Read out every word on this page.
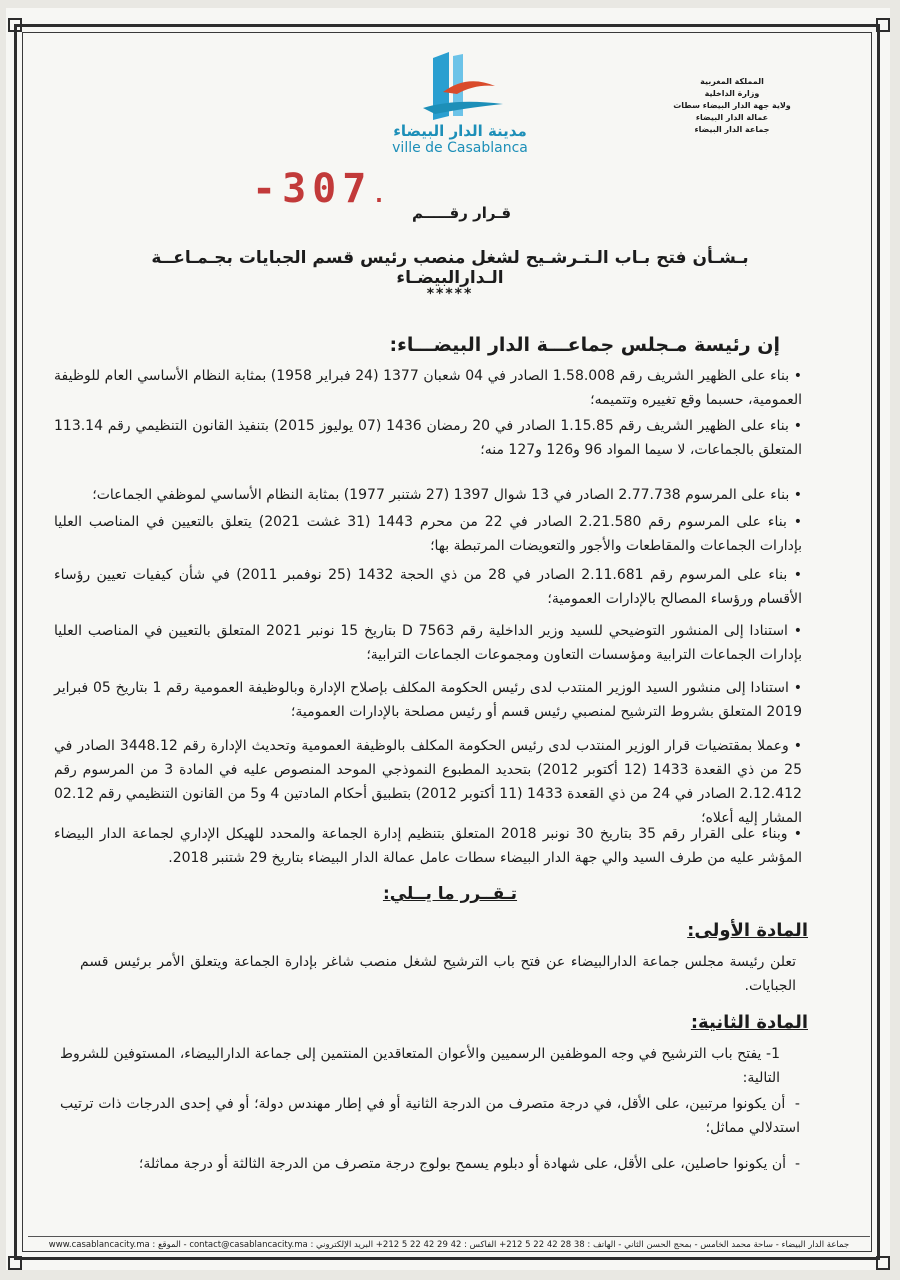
مدينة الدار البيضاء
ville de Casablanca
المملكة المغربية
وزارة الداخلية
ولاية جهة الدار البيضاء سطات
عمالة الدار البيضاء
جماعة الدار البيضاء
-307.
قـرار رقـــــم
بـشـأن فتح بـاب الـتـرشـيح لشغل منصب رئيس قسم الجبايات بجـمـاعــة الـدارالبيضـاء
*****
إن رئيسة مـجلس جماعـــة الدار البيضـــاء:
• بناء على الظهير الشريف رقم 1.58.008 الصادر في 04 شعبان 1377 (24 فبراير 1958) بمثابة النظام الأساسي العام للوظيفة العمومية، حسبما وقع تغييره وتتميمه؛
• بناء على الظهير الشريف رقم 1.15.85 الصادر في 20 رمضان 1436 (07 يوليوز 2015) بتنفيذ القانون التنظيمي رقم 113.14 المتعلق بالجماعات، لا سيما المواد 96 و126 و127 منه؛
• بناء على المرسوم 2.77.738 الصادر في 13 شوال 1397 (27 شتنبر 1977) بمثابة النظام الأساسي لموظفي الجماعات؛
• بناء على المرسوم رقم 2.21.580 الصادر في 22 من محرم 1443 (31 غشت 2021) يتعلق بالتعيين في المناصب العليا بإدارات الجماعات والمقاطعات والأجور والتعويضات المرتبطة بها؛
• بناء على المرسوم رقم 2.11.681 الصادر في 28 من ذي الحجة 1432 (25 نوفمبر 2011) في شأن كيفيات تعيين رؤساء الأقسام ورؤساء المصالح بالإدارات العمومية؛
• استنادا إلى المنشور التوضيحي للسيد وزير الداخلية رقم D 7563 بتاريخ 15 نونبر 2021 المتعلق بالتعيين في المناصب العليا بإدارات الجماعات الترابية ومؤسسات التعاون ومجموعات الجماعات الترابية؛
• استنادا إلى منشور السيد الوزير المنتدب لدى رئيس الحكومة المكلف بإصلاح الإدارة وبالوظيفة العمومية رقم 1 بتاريخ 05 فبراير 2019 المتعلق بشروط الترشيح لمنصبي رئيس قسم أو رئيس مصلحة بالإدارات العمومية؛
• وعملا بمقتضيات قرار الوزير المنتدب لدى رئيس الحكومة المكلف بالوظيفة العمومية وتحديث الإدارة رقم 3448.12 الصادر في 25 من ذي القعدة 1433 (12 أكتوبر 2012) بتحديد المطبوع النموذجي الموحد المنصوص عليه في المادة 3 من المرسوم رقم 2.12.412 الصادر في 24 من ذي القعدة 1433 (11 أكتوبر 2012) بتطبيق أحكام المادتين 4 و5 من القانون التنظيمي رقم 02.12 المشار إليه أعلاه؛
• وبناء على القرار رقم 35 بتاريخ 30 نونبر 2018 المتعلق بتنظيم إدارة الجماعة والمحدد للهيكل الإداري لجماعة الدار البيضاء المؤشر عليه من طرف السيد والي جهة الدار البيضاء سطات عامل عمالة الدار البيضاء بتاريخ 29 شتنبر 2018.
تـقــرر ما يــلي:
المادة الأولى:
تعلن رئيسة مجلس جماعة الدارالبيضاء عن فتح باب الترشيح لشغل منصب شاغر بإدارة الجماعة ويتعلق الأمر برئيس قسم الجبايات.
المادة الثانية:
1- يفتح باب الترشيح في وجه الموظفين الرسميين والأعوان المتعاقدين المنتمين إلى جماعة الدارالبيضاء، المستوفين للشروط التالية:
-  أن يكونوا مرتبين، على الأقل، في درجة متصرف من الدرجة الثانية أو في إطار مهندس دولة؛ أو في إحدى الدرجات ذات ترتيب استدلالي مماثل؛
-  أن يكونوا حاصلين، على الأقل، على شهادة أو دبلوم يسمح بولوج درجة متصرف من الدرجة الثالثة أو درجة مماثلة؛
جماعة الدار البيضاء - ساحة محمد الخامس - بمحج الحسن الثاني - الهاتف : 38 28 42 22 5 212+ الفاكس : 42 29 42 22 5 212+ البريد الإلكتروني : contact@casablancacity.ma - الموقع : www.casablancacity.ma
